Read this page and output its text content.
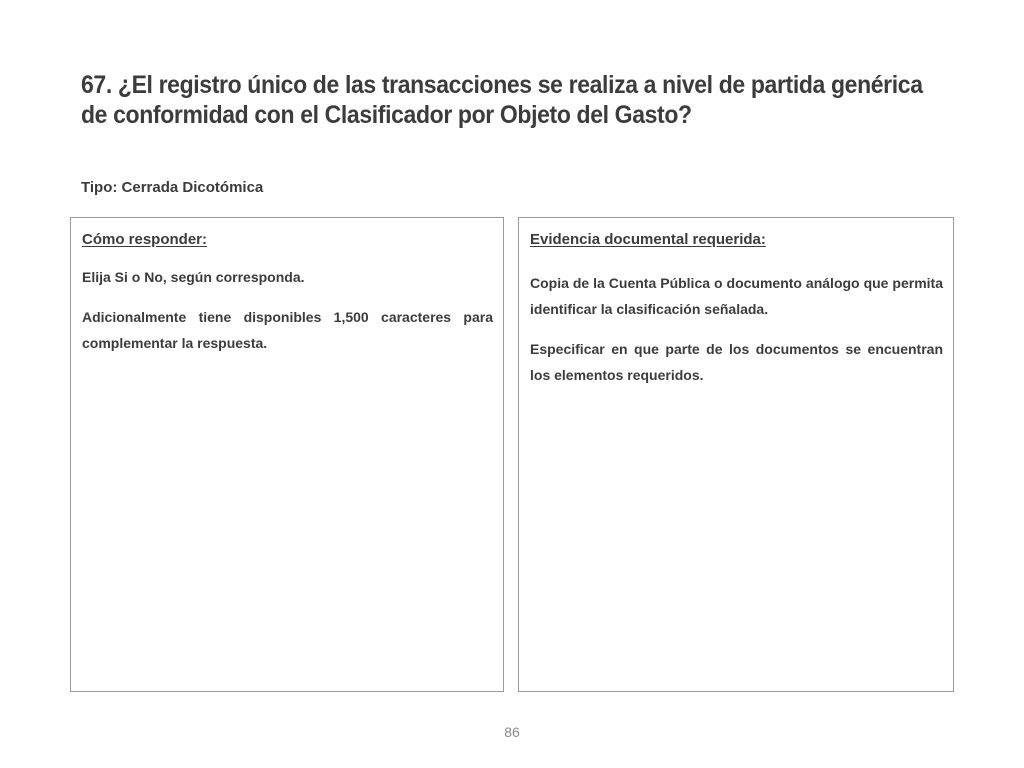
67. ¿El registro único de las transacciones se realiza a nivel de partida genérica de conformidad con el Clasificador por Objeto del Gasto?

Tipo: Cerrada Dicotómica

Cómo responder:

Elija Si o No, según corresponda.

Adicionalmente tiene disponibles 1,500 caracteres para complementar la respuesta.

Evidencia documental requerida:

Copia de la Cuenta Pública o documento análogo que permita identificar la clasificación señalada.

Especificar en que parte de los documentos se encuentran los elementos requeridos.

86
